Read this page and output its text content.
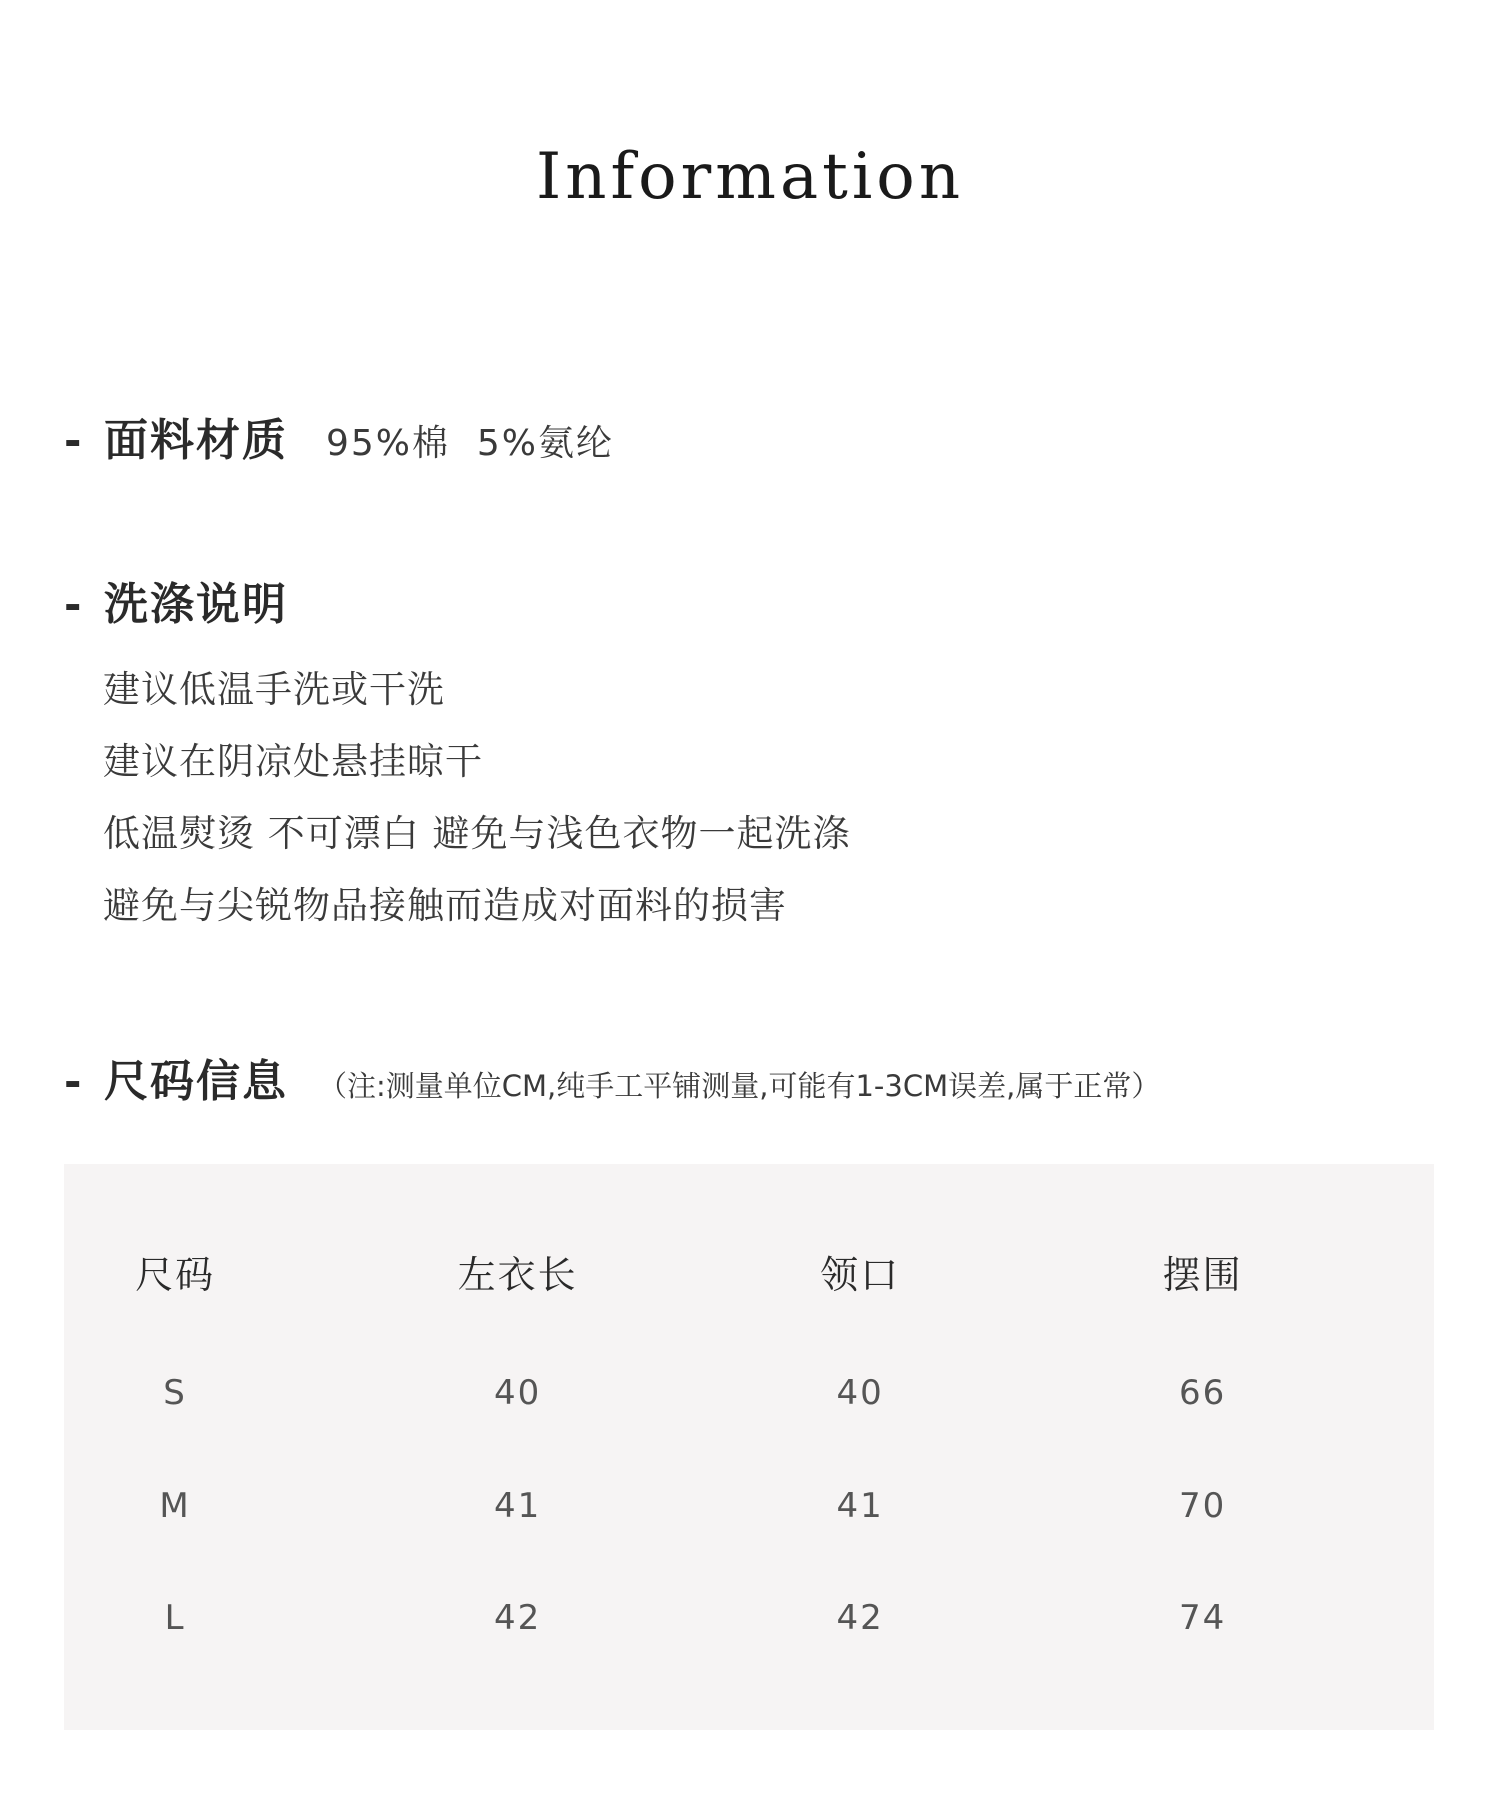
Information
- 面料材质 95%棉  5%氨纶
- 洗涤说明
建议低温手洗或干洗
建议在阴凉处悬挂晾干
低温熨烫 不可漂白 避免与浅色衣物一起洗涤
避免与尖锐物品接触而造成对面料的损害
- 尺码信息 （注:测量单位CM,纯手工平铺测量,可能有1-3CM误差,属于正常）
尺码	左衣长	领口	摆围
S	40	40	66
M	41	41	70
L	42	42	74
